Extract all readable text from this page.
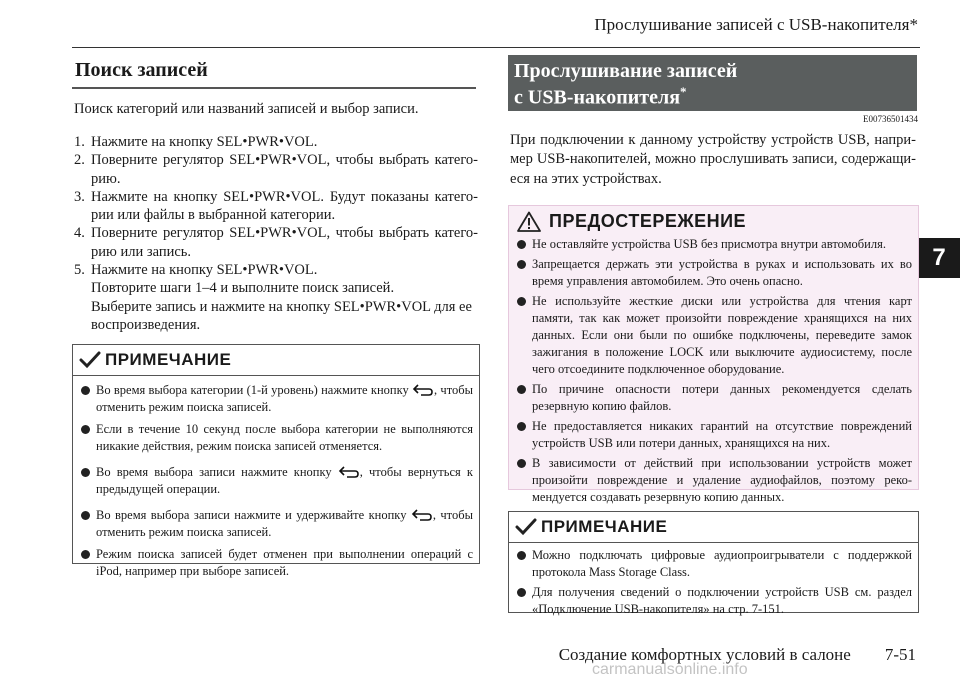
Прослушивание записей с USB-накопителя*
7
Поиск записей
Поиск категорий или названий записей и выбор записи.
1. Нажмите на кнопку SEL•PWR•VOL.
2. Поверните регулятор SEL•PWR•VOL, чтобы выбрать катего-рию.
3. Нажмите на кнопку SEL•PWR•VOL. Будут показаны катего-рии или файлы в выбранной категории.
4. Поверните регулятор SEL•PWR•VOL, чтобы выбрать катего-рию или запись.
5. Нажмите на кнопку SEL•PWR•VOL.

Повторите шаги 1–4 и выполните поиск записей.

Выберите запись и нажмите на кнопку SEL•PWR•VOL для ее воспроизведения.

ПРИМЕЧАНИЕ
Во время выбора категории (1-й уровень) нажмите кнопку , чтобы отменить режим поиска записей.
Если в течение 10 секунд после выбора категории не выполняются никакие действия, режим поиска записей отменяется.
Во время выбора записи нажмите кнопку , чтобы вернуться к предыдущей операции.
Во время выбора записи нажмите и удерживайте кнопку , чтобы отменить режим поиска записей.
Режим поиска записей будет отменен при выполнении операций с iPod, например при выборе записей.
Прослушивание записей
с USB-накопителя*
E00736501434
При подключении к данному устройству устройств USB, напри-мер USB-накопителей, можно прослушивать записи, содержащи-еся на этих устройствах.
ПРЕДОСТЕРЕЖЕНИЕ
Не оставляйте устройства USB без присмотра внутри автомобиля.
Запрещается держать эти устройства в руках и использовать их во время управления автомобилем. Это очень опасно.
Не используйте жесткие диски или устройства для чтения карт памяти, так как может произойти повреждение хранящихся на них данных. Если они были по ошибке подключены, переведите замок зажигания в положение LOCK или выключите аудиосистему, после чего отсоедините подключенное оборудование.
По причине опасности потери данных рекомендуется сделать резервную копию файлов.
Не предоставляется никаких гарантий на отсутствие повреждений устройств USB или потери данных, хранящихся на них.
В зависимости от действий при использовании устройств может произойти повреждение и удаление аудиофайлов, поэтому реко-мендуется создавать резервную копию данных.
ПРИМЕЧАНИЕ
Можно подключать цифровые аудиопроигрыватели с поддержкой протокола Mass Storage Class.
Для получения сведений о подключении устройств USB см. раздел «Подключение USB-накопителя» на стр. 7-151.
Создание комфортных условий в салоне 7-51
carmanualsonline.info
